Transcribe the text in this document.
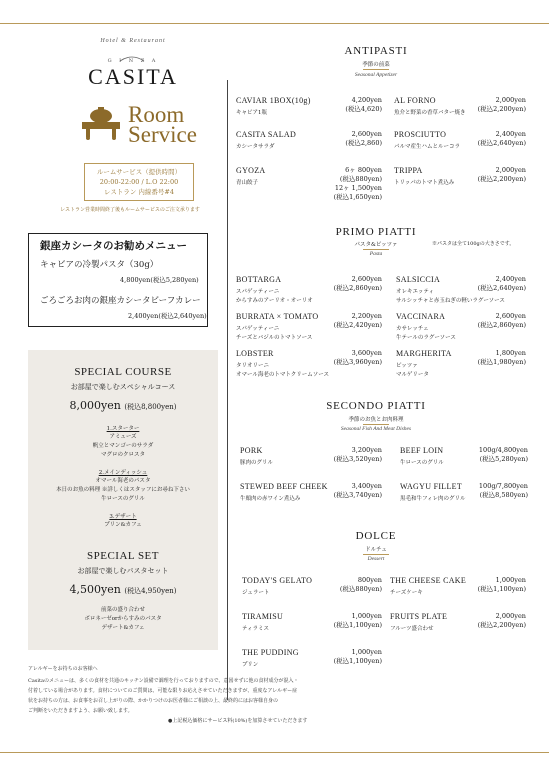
Hotel & Restaurant
G I N Z A
CASITA
Room
Service
ルームサービス（提供時間）
20:00-22:00 / L.O 22:00
レストラン 内線番号#4
レストラン営業時間終了後もルームサービスのご注文承ります
銀座カシータのお勧めメニュー
キャビアの冷製パスタ（30g）
4,800yen(税込5,280yen)
ごろごろお肉の銀座カシータビーフカレー
2,400yen(税込2,640yen)
SPECIAL COURSE
お部屋で楽しむスペシャルコース
8,000yen (税込8,800yen)
1.スターター
アミューズ
帆立とマンゴーのサラダ
マグロのクロスタ
2.メインディッシュ
オマール海老のパスタ
本日のお魚の料理 ※詳しくはスタッフにお尋ね下さい
牛ロースのグリル
3.デザート
プリン&カフェ
SPECIAL SET
お部屋で楽しむパスタセット
4,500yen (税込4,950yen)
前菜の盛り合わせ
ボロネーゼorからすみのパスタ
デザート&カフェ
アレルギーをお持ちのお客様へ
Casitaのメニューは、多くの食材を共通のキッチン設備で調理を行っておりますので、意図せずに他の食材成分が混入・
付着している場合があります。食材についてのご質問は、可能な限りお応えさせていただきますが、重度なアレルギー症
状をお持ちの方は、お食事をお召し上がりの際、かかりつけのお医者様にご相談の上、最終的にはお客様自身の
ご判断をいただきますよう、お願い致します。
●上記税込価格にサービス料(10%)を加算させていただきます
ANTIPASTI
季節の前菜
Seasonal Appetizer
CAVIAR 1BOX(10g)
キャビア1瓶
4,200yen
(税込4,620)
CASITA SALAD
カシータサラダ
2,600yen
(税込2,860)
GYOZA
青山餃子
6ヶ 800yen
(税込880yen)
12ヶ 1,500yen
(税込1,650yen)
AL FORNO
魚介と野菜の香草バター焼き
2,000yen
(税込2,200yen)
PROSCIUTTO
パルマ産生ハムとルーコラ
2,400yen
(税込2,640yen)
TRIPPA
トリッパのトマト煮込み
2,000yen
(税込2,200yen)
PRIMO PIATTI
パスタ&ピッツァ
Pasta
※パスタは全て100gの大きさです。
BOTTARGA
スパゲッティーニ
からすみのアーリオ・オーリオ
2,600yen
(税込2,860yen)
BURRATA × TOMATO
スパゲッティーニ
チーズとバジルのトマトソース
2,200yen
(税込2,420yen)
LOBSTER
タリオリーニ
オマール海老のトマトクリームソース
3,600yen
(税込3,960yen)
SALSICCIA
オレキエッティ
サルシッチャと赤玉ねぎの軽いラグーソース
2,400yen
(税込2,640yen)
VACCINARA
カサレッチェ
牛テールのラグーソース
2,600yen
(税込2,860yen)
MARGHERITA
ピッツァ
マルゲリータ
1,800yen
(税込1,980yen)
SECONDO PIATTI
季節のお魚とお肉料理
Seasonal Fish And Meat Dishes
PORK
豚肉のグリル
3,200yen
(税込3,520yen)
STEWED BEEF CHEEK
牛頬肉の赤ワイン煮込み
3,400yen
(税込3,740yen)
BEEF LOIN
牛ロースのグリル
100g/4,800yen
(税込5,280yen)
WAGYU FILLET
黒毛和牛フィレ肉のグリル
100g/7,800yen
(税込8,580yen)
DOLCE
ドルチェ
Dessert
TODAY'S GELATO
ジェラート
800yen
(税込880yen)
TIRAMISU
ティラミス
1,000yen
(税込1,100yen)
THE PUDDING
プリン
1,000yen
(税込1,100yen)
THE CHEESE CAKE
チーズケーキ
1,000yen
(税込1,100yen)
FRUITS PLATE
フルーツ盛合わせ
2,000yen
(税込2,200yen)
